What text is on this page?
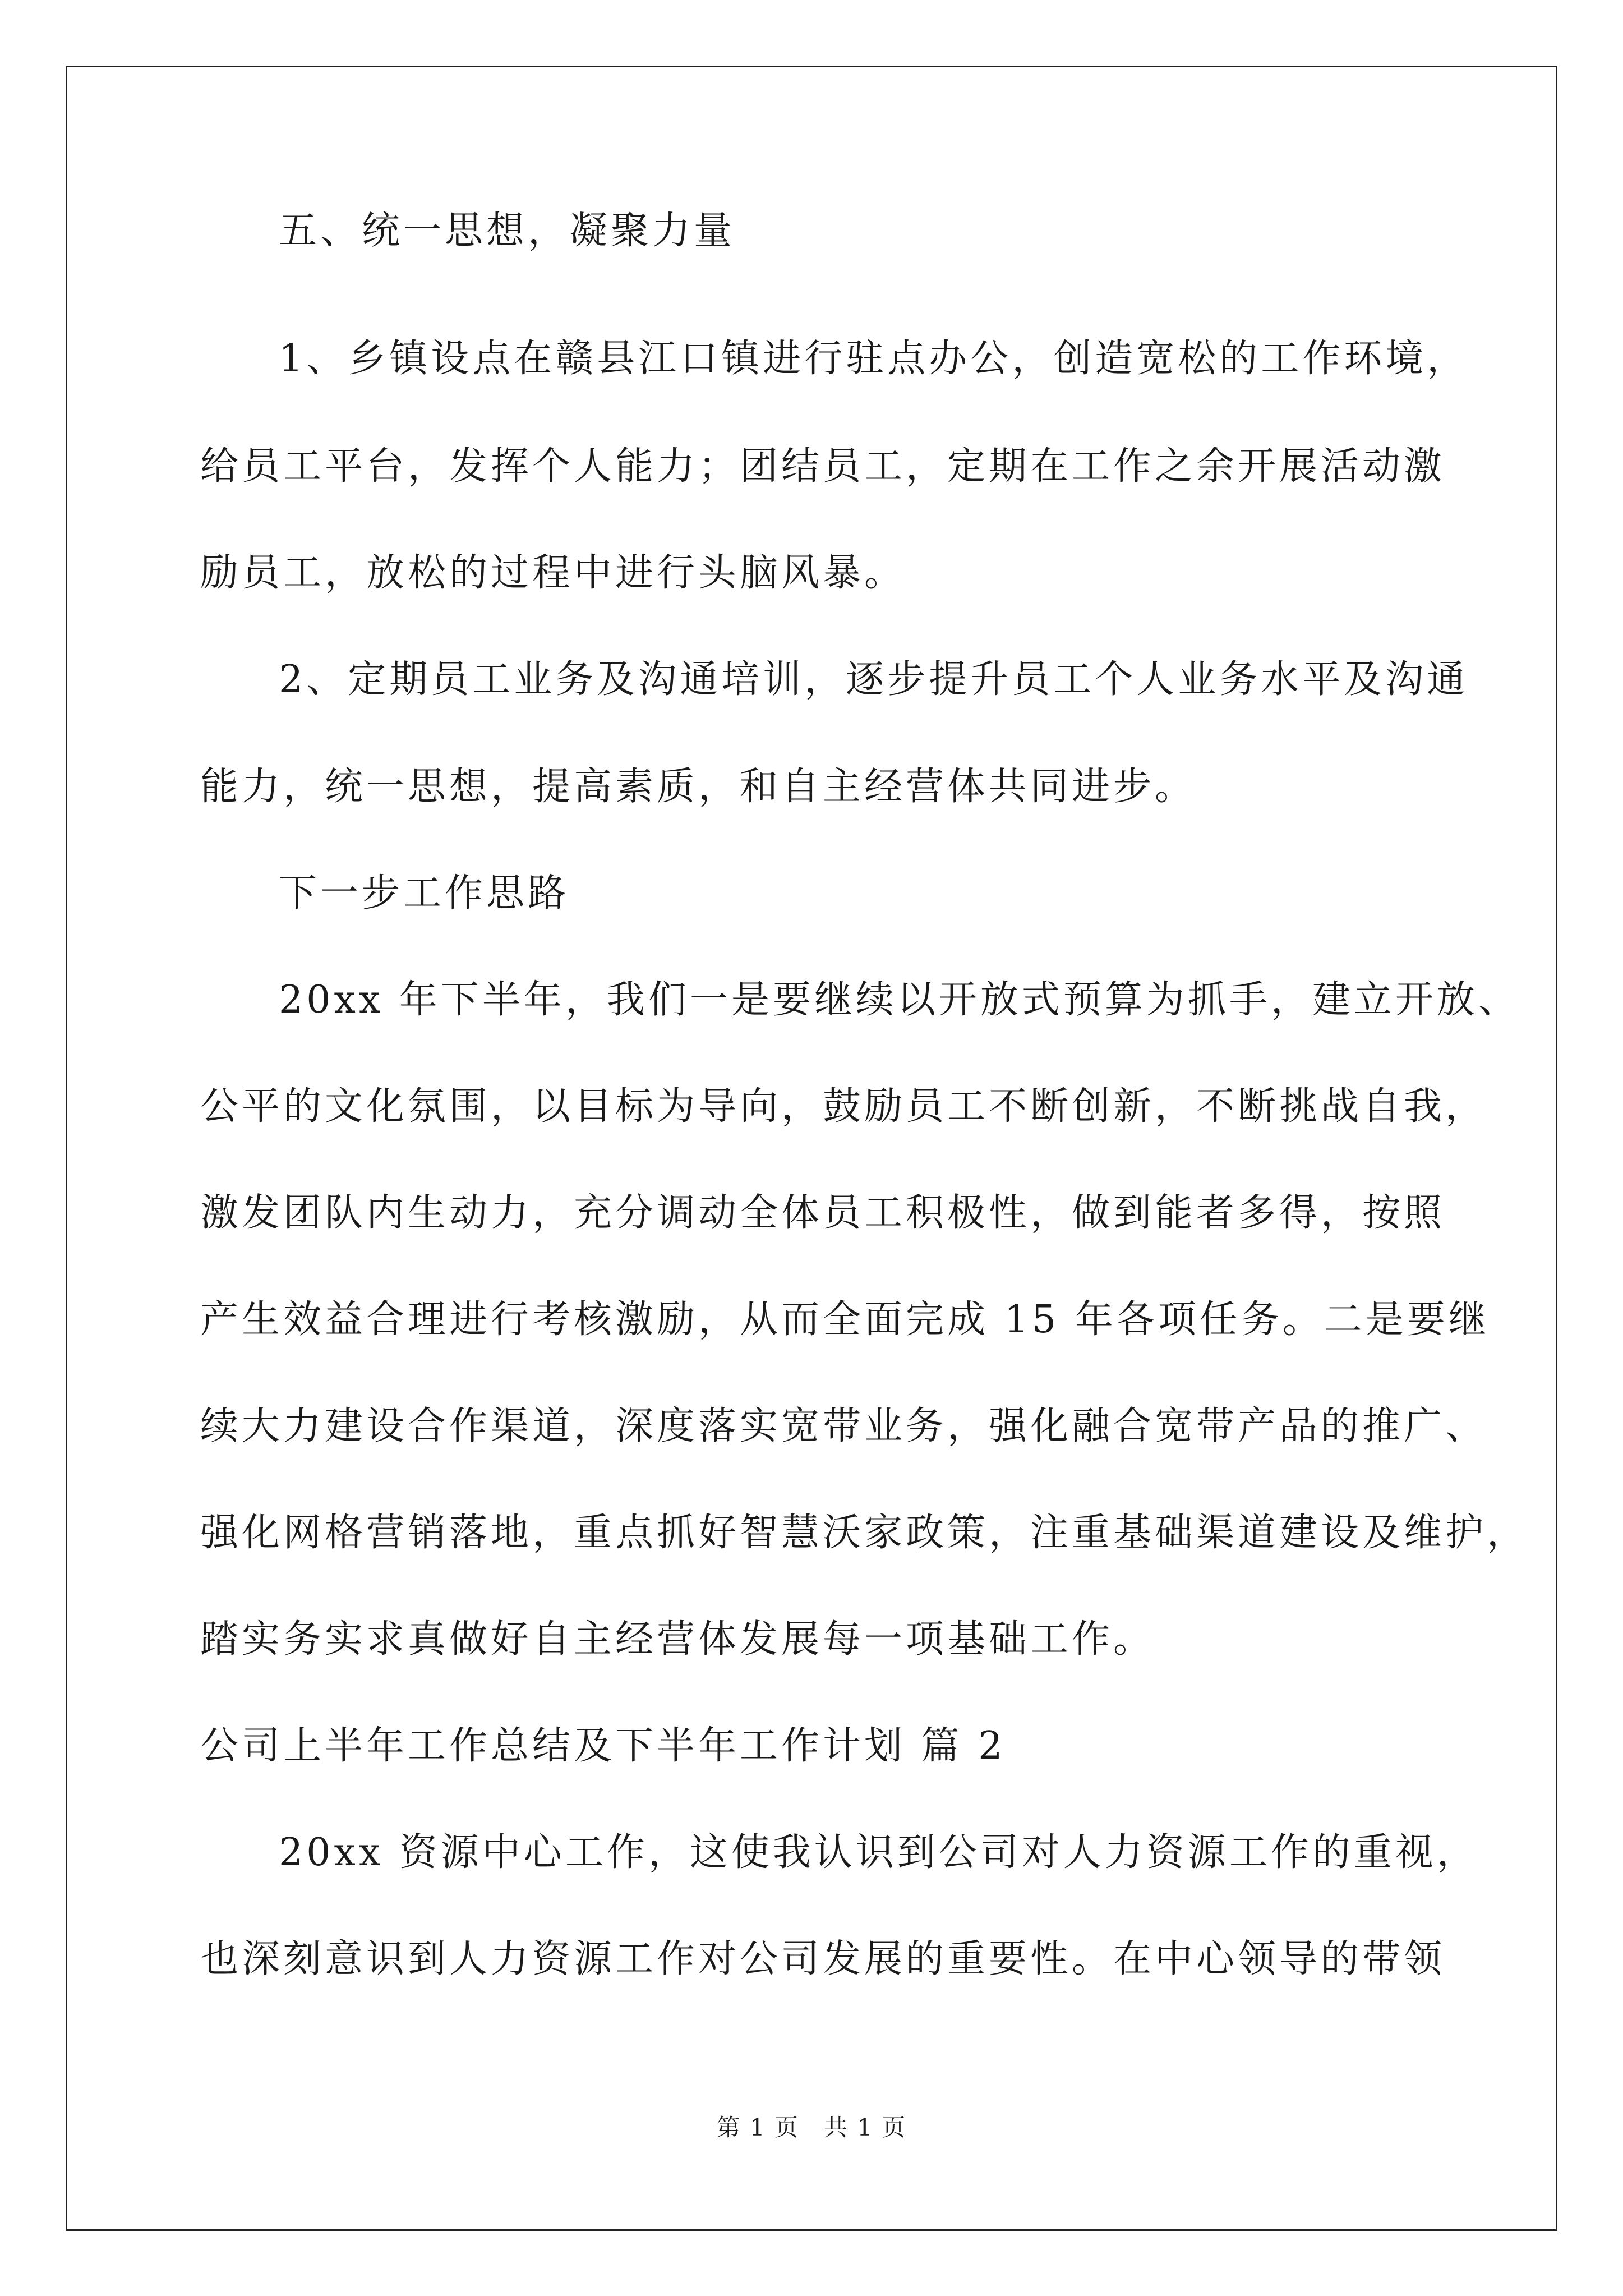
五、统一思想，凝聚力量
1、乡镇设点在赣县江口镇进行驻点办公，创造宽松的工作环境，
给员工平台，发挥个人能力；团结员工，定期在工作之余开展活动激
励员工，放松的过程中进行头脑风暴。
2、定期员工业务及沟通培训，逐步提升员工个人业务水平及沟通
能力，统一思想，提高素质，和自主经营体共同进步。
下一步工作思路
20xx 年下半年，我们一是要继续以开放式预算为抓手，建立开放、
公平的文化氛围，以目标为导向，鼓励员工不断创新，不断挑战自我，
激发团队内生动力，充分调动全体员工积极性，做到能者多得，按照
产生效益合理进行考核激励，从而全面完成 15 年各项任务。二是要继
续大力建设合作渠道，深度落实宽带业务，强化融合宽带产品的推广、
强化网格营销落地，重点抓好智慧沃家政策，注重基础渠道建设及维护，
踏实务实求真做好自主经营体发展每一项基础工作。
公司上半年工作总结及下半年工作计划 篇 2
20xx 资源中心工作，这使我认识到公司对人力资源工作的重视，
也深刻意识到人力资源工作对公司发展的重要性。在中心领导的带领
第 1 页　共 1 页
